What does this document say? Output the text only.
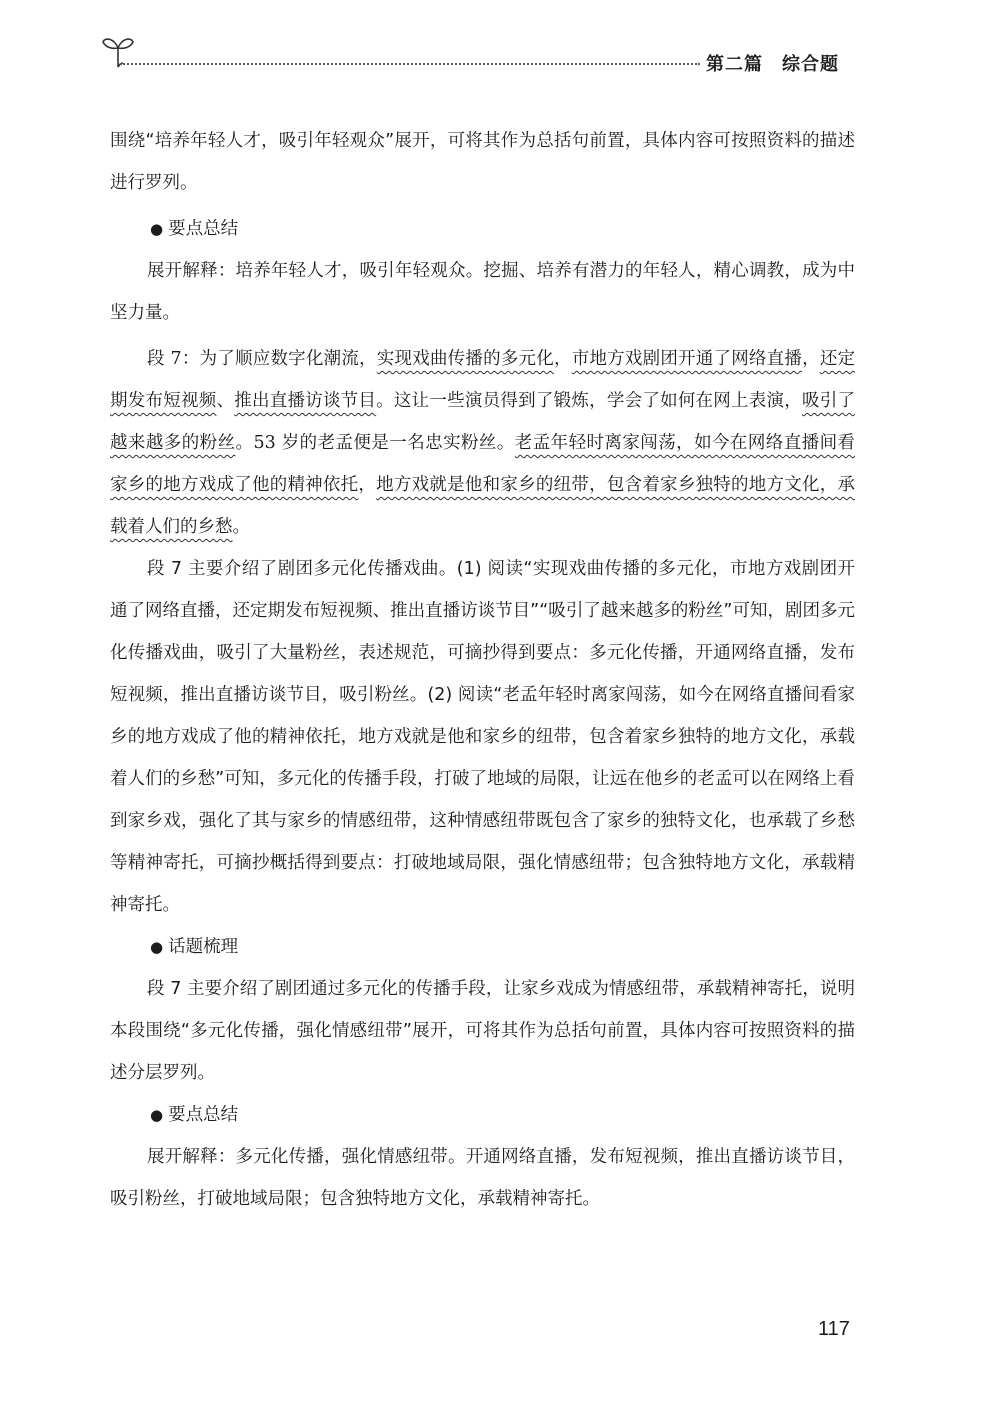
第二篇　综合题

围绕“培养年轻人才，吸引年轻观众”展开，可将其作为总括句前置，具体内容可按照资料的描述进行罗列。

● 要点总结

展开解释：培养年轻人才，吸引年轻观众。挖掘、培养有潜力的年轻人，精心调教，成为中坚力量。

段 7：为了顺应数字化潮流，实现戏曲传播的多元化，市地方戏剧团开通了网络直播，还定期发布短视频、推出直播访谈节目。这让一些演员得到了锻炼，学会了如何在网上表演，吸引了越来越多的粉丝。53 岁的老孟便是一名忠实粉丝。老孟年轻时离家闯荡，如今在网络直播间看家乡的地方戏成了他的精神依托，地方戏就是他和家乡的纽带，包含着家乡独特的地方文化，承载着人们的乡愁。

段 7 主要介绍了剧团多元化传播戏曲。(1) 阅读“实现戏曲传播的多元化，市地方戏剧团开通了网络直播，还定期发布短视频、推出直播访谈节目”“吸引了越来越多的粉丝”可知，剧团多元化传播戏曲，吸引了大量粉丝，表述规范，可摘抄得到要点：多元化传播，开通网络直播，发布短视频，推出直播访谈节目，吸引粉丝。(2) 阅读“老孟年轻时离家闯荡，如今在网络直播间看家乡的地方戏成了他的精神依托，地方戏就是他和家乡的纽带，包含着家乡独特的地方文化，承载着人们的乡愁”可知，多元化的传播手段，打破了地域的局限，让远在他乡的老孟可以在网络上看到家乡戏，强化了其与家乡的情感纽带，这种情感纽带既包含了家乡的独特文化，也承载了乡愁等精神寄托，可摘抄概括得到要点：打破地域局限，强化情感纽带；包含独特地方文化，承载精神寄托。

● 话题梳理

段 7 主要介绍了剧团通过多元化的传播手段，让家乡戏成为情感纽带，承载精神寄托，说明本段围绕“多元化传播，强化情感纽带”展开，可将其作为总括句前置，具体内容可按照资料的描述分层罗列。

● 要点总结

展开解释：多元化传播，强化情感纽带。开通网络直播，发布短视频，推出直播访谈节目，吸引粉丝，打破地域局限；包含独特地方文化，承载精神寄托。

117
